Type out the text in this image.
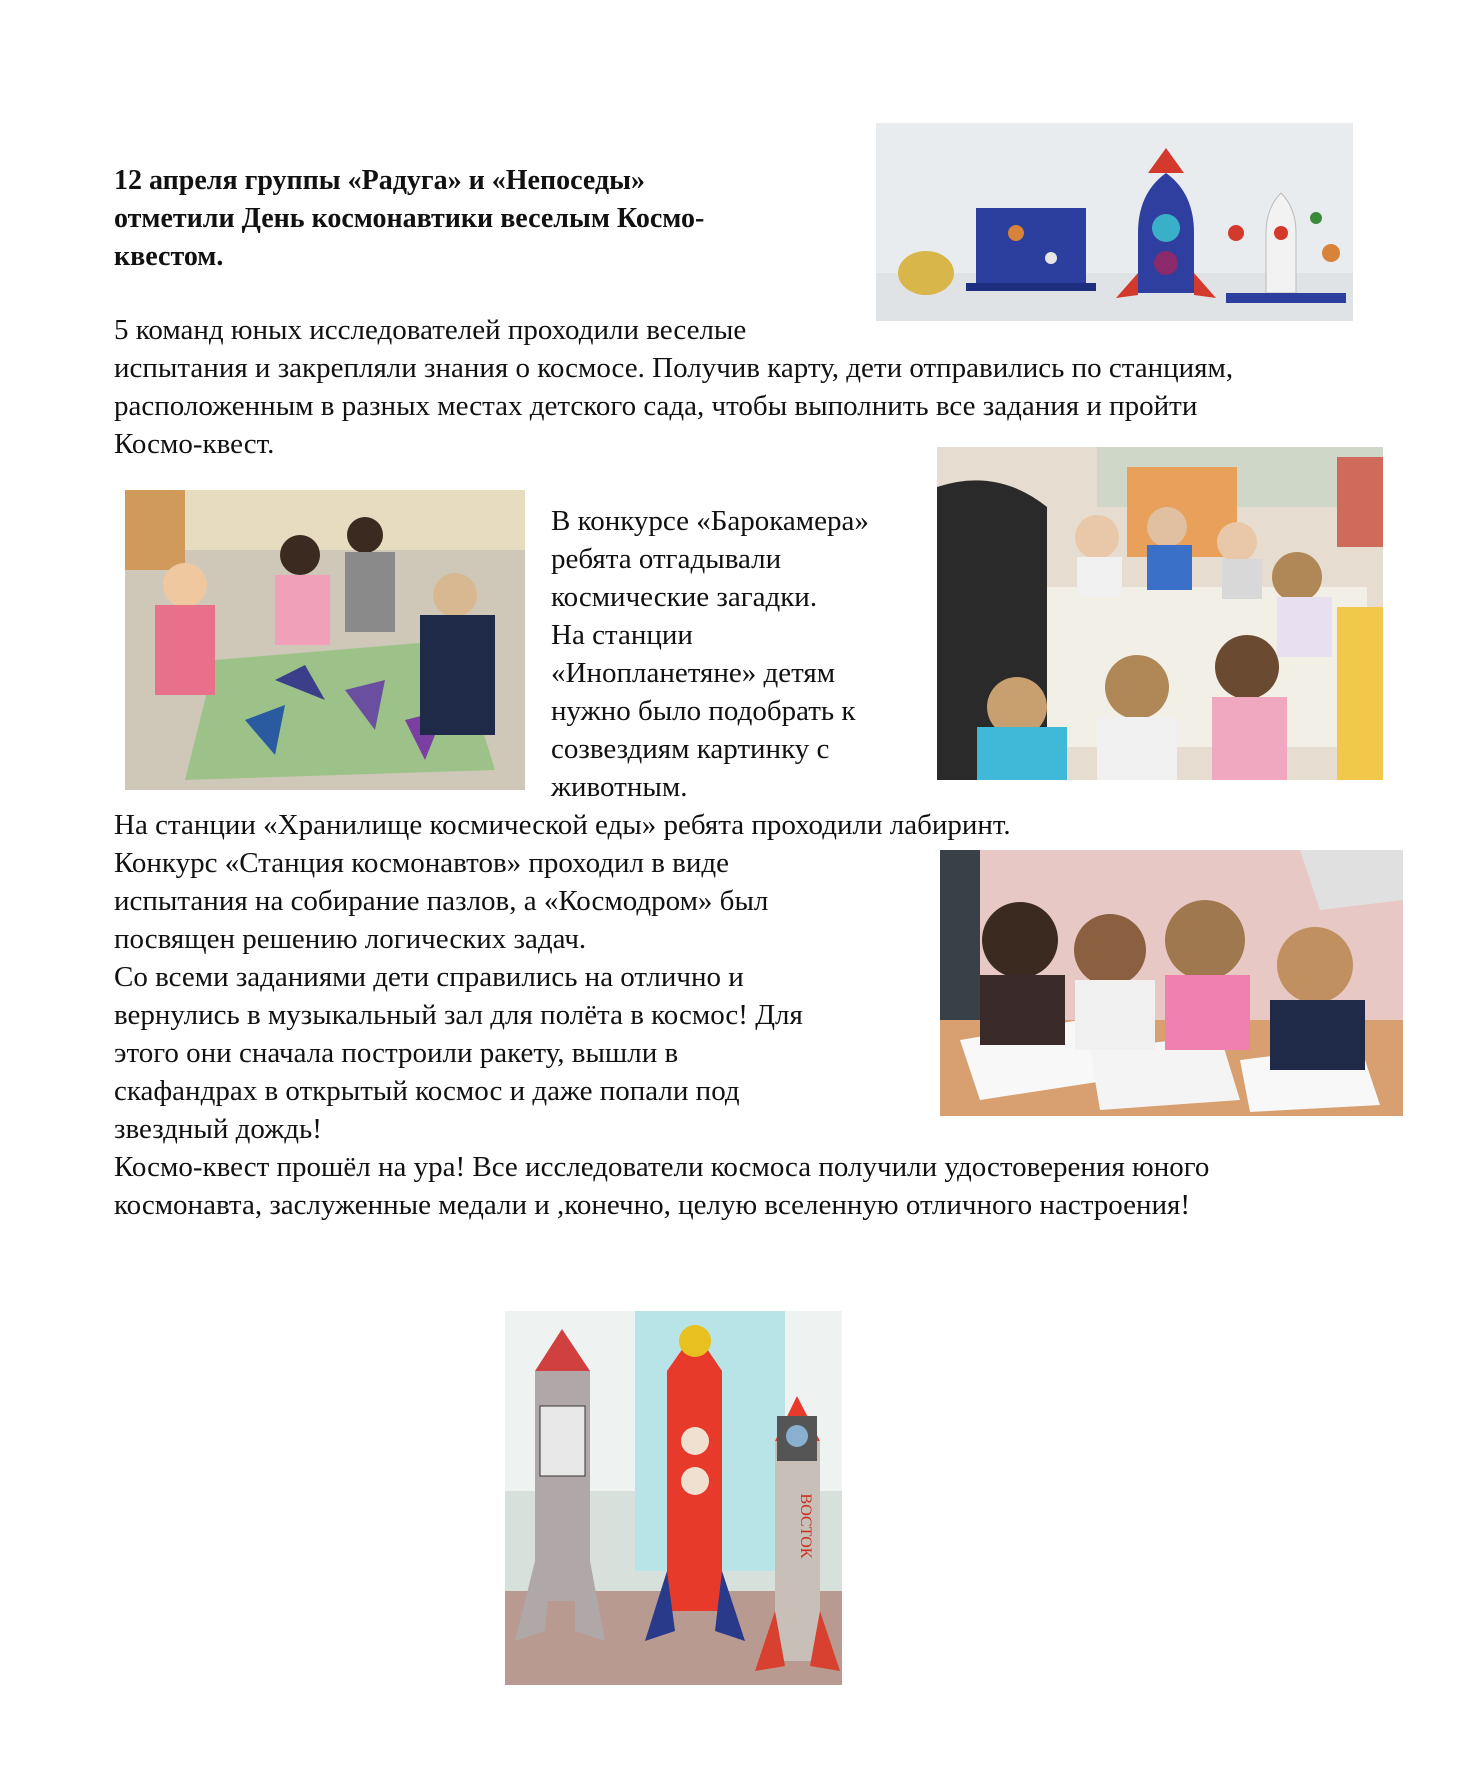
12 апреля группы «Радуга» и «Непоседы»
отметили День космонавтики веселым Космо-
квестом.
5 команд юных исследователей проходили веселые
испытания и закрепляли знания о космосе. Получив карту, дети отправились по станциям,
расположенным в разных местах детского сада, чтобы выполнить все задания и пройти
Космо-квест.
В конкурсе «Барокамера»
ребята отгадывали
космические загадки.
На станции
«Инопланетяне» детям
нужно было подобрать к
созвездиям картинку с
животным.
На станции «Хранилище космической еды» ребята проходили лабиринт.
Конкурс «Станция космонавтов» проходил в виде
испытания на собирание пазлов, а «Космодром» был
посвящен решению логических задач.
Со всеми заданиями дети справились на отлично и
вернулись в музыкальный зал для полёта в космос! Для
этого они сначала построили ракету, вышли в
скафандрах в открытый космос и даже попали под
звездный дождь!
Космо-квест прошёл на ура! Все исследователи космоса получили удостоверения юного
космонавта, заслуженные медали и ,конечно, целую вселенную отличного настроения!
ВОСТОК
